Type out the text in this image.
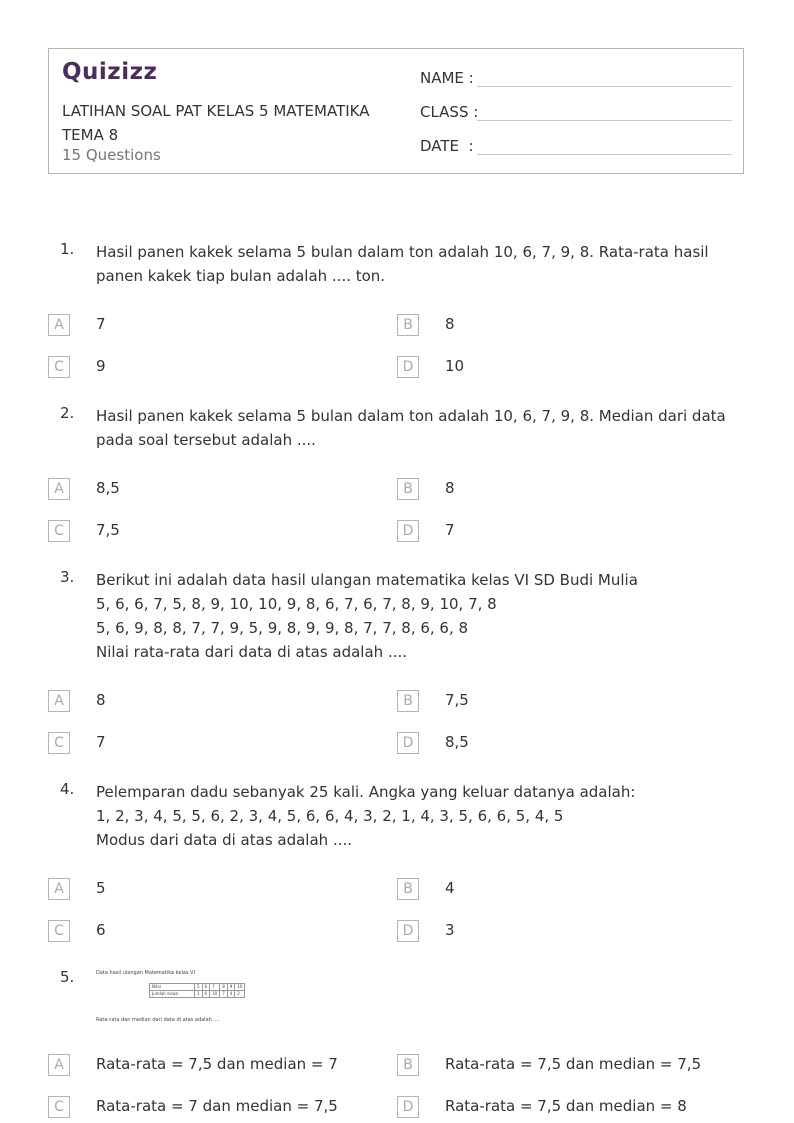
Quizizz
LATIHAN SOAL PAT KELAS 5 MATEMATIKA TEMA 8
15 Questions
NAME :
CLASS :
DATE  :
1. Hasil panen kakek selama 5 bulan dalam ton adalah 10, 6, 7, 9, 8. Rata-rata hasil panen kakek tiap bulan adalah .... ton.
A	7	B	8
C	9	D	10
2. Hasil panen kakek selama 5 bulan dalam ton adalah 10, 6, 7, 9, 8. Median dari data pada soal tersebut adalah ....
A	8,5	B	8
C	7,5	D	7
3. Berikut ini adalah data hasil ulangan matematika kelas VI SD Budi Mulia
5, 6, 6, 7, 5, 8, 9, 10, 10, 9, 8, 6, 7, 6, 7, 8, 9, 10, 7, 8
5, 6, 9, 8, 8, 7, 7, 9, 5, 9, 8, 9, 9, 8, 7, 7, 8, 6, 6, 8
Nilai rata-rata dari data di atas adalah ....
A	8	B	7,5
C	7	D	8,5
4. Pelemparan dadu sebanyak 25 kali. Angka yang keluar datanya adalah:
1, 2, 3, 4, 5, 5, 6, 2, 3, 4, 5, 6, 6, 4, 3, 2, 1, 4, 3, 5, 6, 6, 5, 4, 5
Modus dari data di atas adalah ....
A	5	B	4
C	6	D	3
5.	Data hasil ulangan Matematika kelas VI
Nilai	5	6	7	8	9	10
Jumlah siswa	1	6	10	7	4	2
Rata-rata dan median dari data di atas adalah ....
A	Rata-rata = 7,5 dan median = 7	B	Rata-rata = 7,5 dan median = 7,5
C	Rata-rata = 7 dan median = 7,5	D	Rata-rata = 7,5 dan median = 8
